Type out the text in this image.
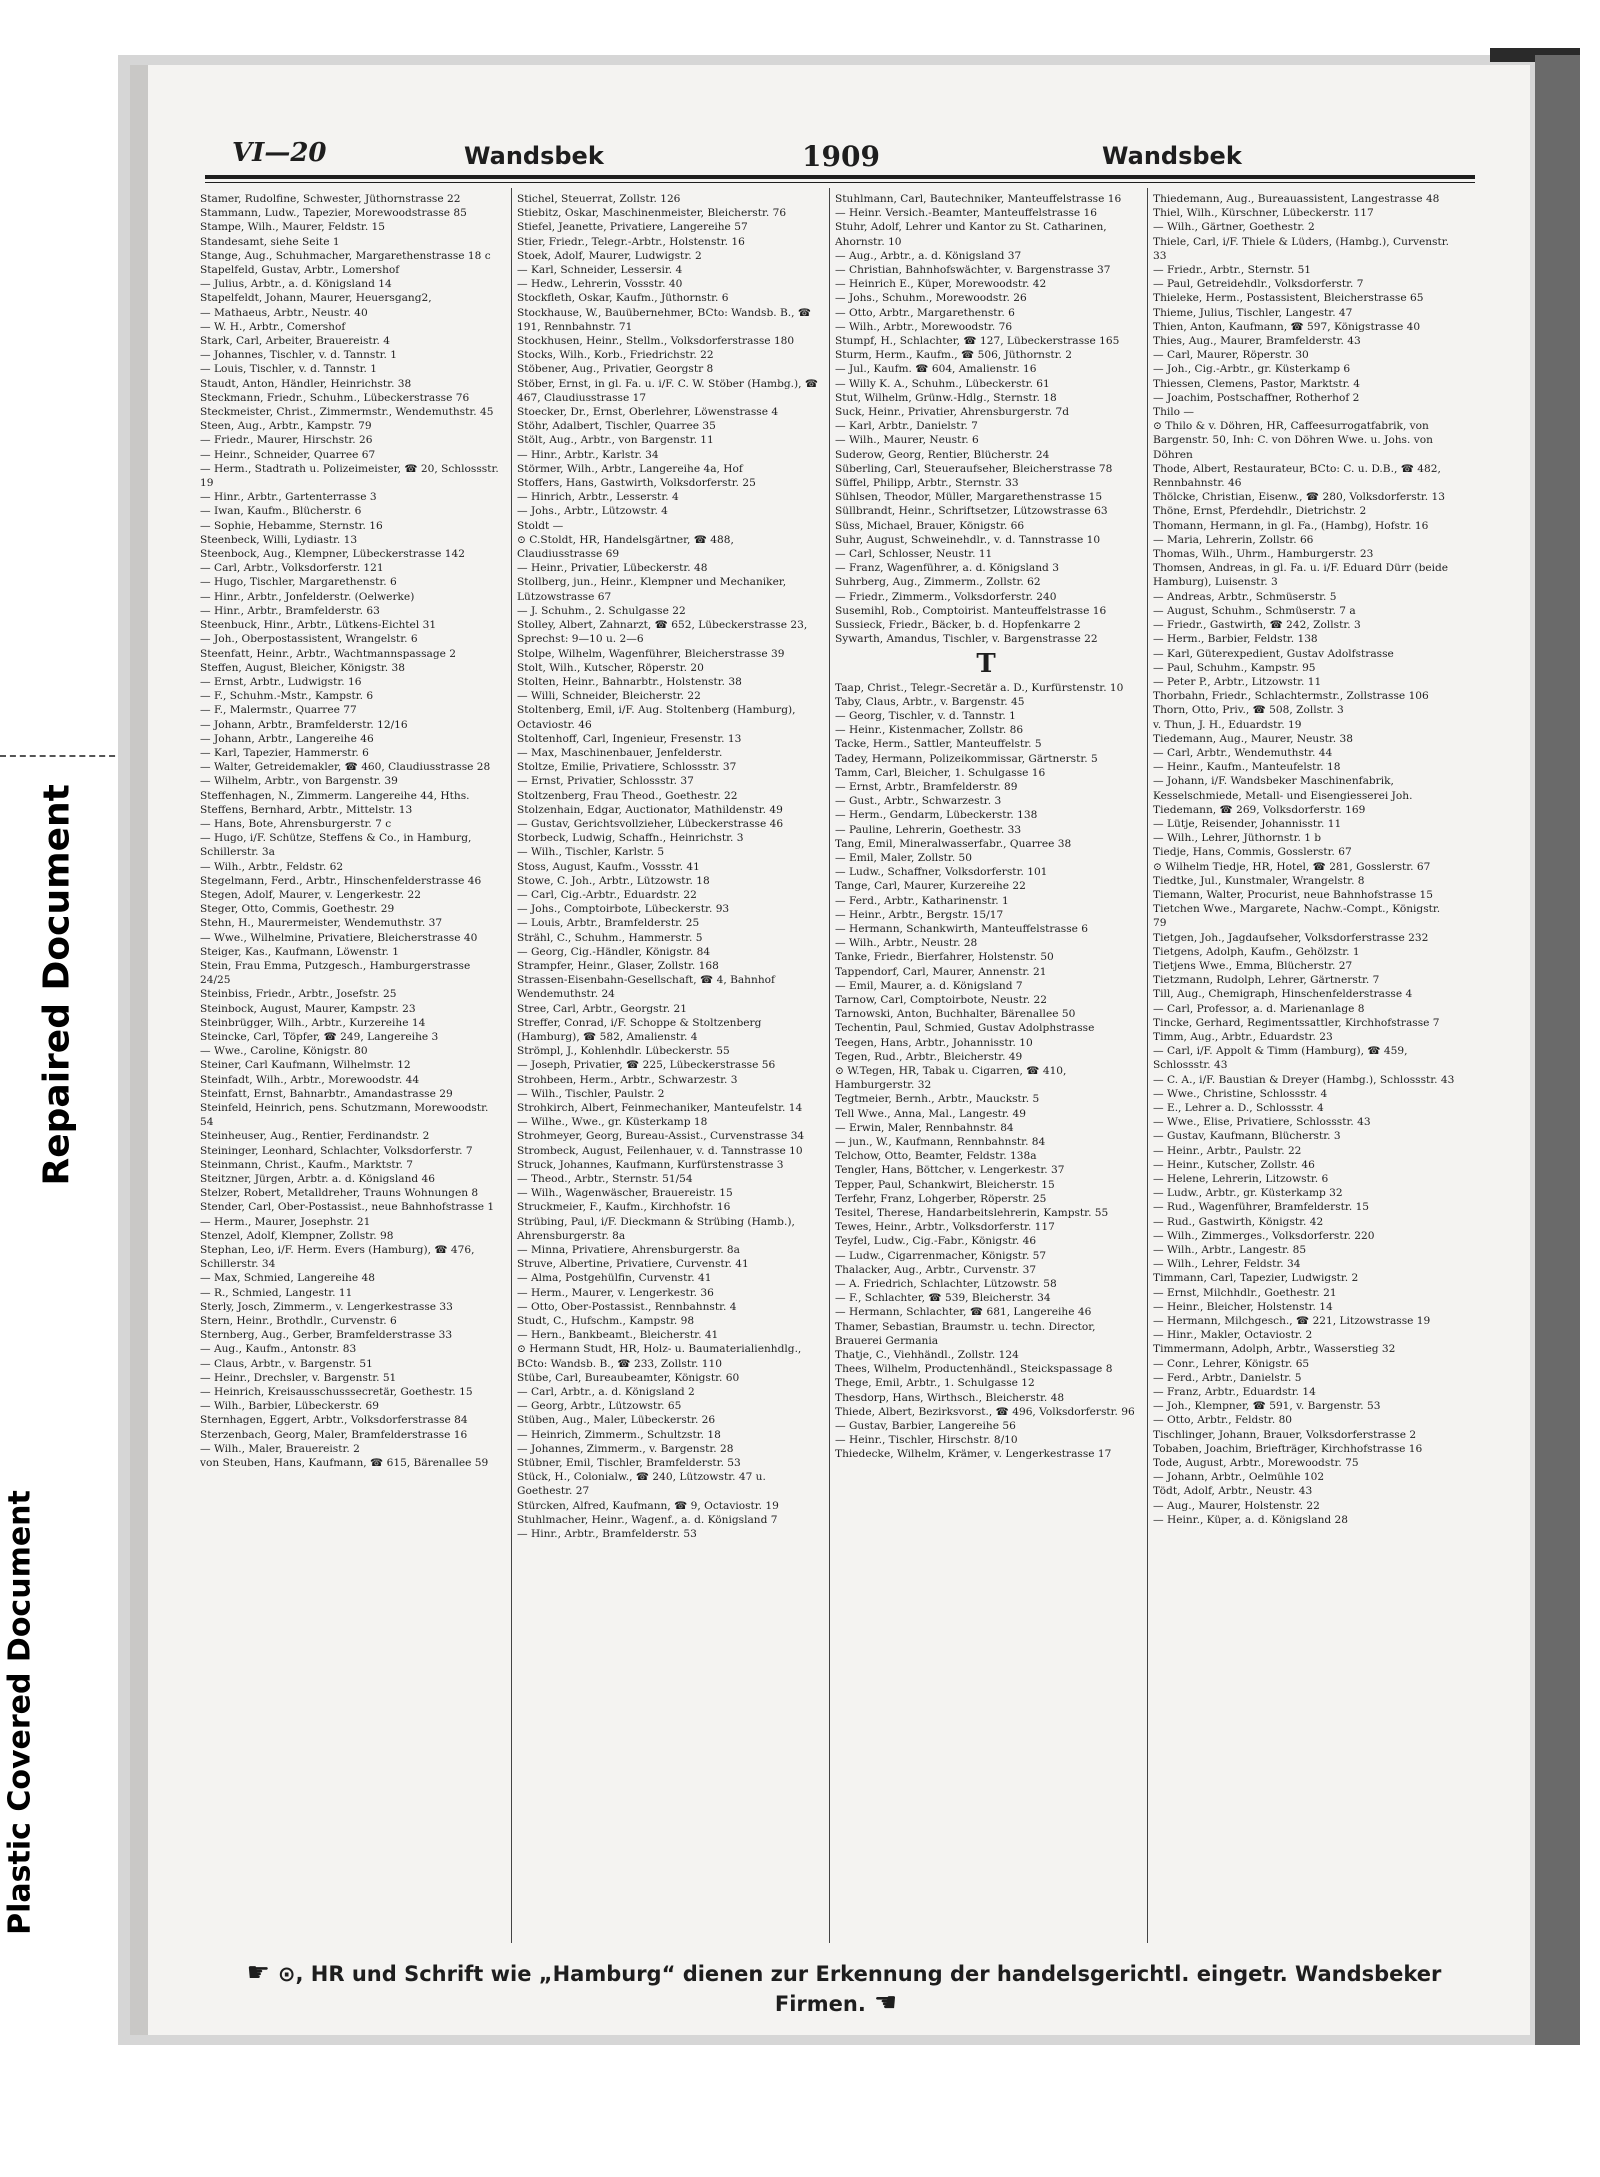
Repaired Document
Plastic Covered Document
VI—20	Wandsbek	1909	Wandsbek

Stamer, Rudolfine, Schwester, Jüthornstrasse 22

Stammann, Ludw., Tapezier, Morewoodstrasse 85

Stampe, Wilh., Maurer, Feldstr. 15

Standesamt, siehe Seite 1

Stange, Aug., Schuhmacher, Margarethenstrasse 18 c

Stapelfeld, Gustav, Arbtr., Lomershof

— Julius, Arbtr., a. d. Königsland 14

Stapelfeldt, Johann, Maurer, Heuersgang2,

— Mathaeus, Arbtr., Neustr. 40

— W. H., Arbtr., Comershof

Stark, Carl, Arbeiter, Brauereistr. 4

— Johannes, Tischler, v. d. Tannstr. 1

— Louis, Tischler, v. d. Tannstr. 1

Staudt, Anton, Händler, Heinrichstr. 38

Steckmann, Friedr., Schuhm., Lübeckerstrasse 76

Steckmeister, Christ., Zimmermstr., Wendemuthstr. 45

Steen, Aug., Arbtr., Kampstr. 79

— Friedr., Maurer, Hirschstr. 26

— Heinr., Schneider, Quarree 67

— Herm., Stadtrath u. Polizeimeister, ☎ 20, Schlossstr. 19

— Hinr., Arbtr., Gartenterrasse 3

— Iwan, Kaufm., Blücherstr. 6

— Sophie, Hebamme, Sternstr. 16

Steenbeck, Willi, Lydiastr. 13

Steenbock, Aug., Klempner, Lübeckerstrasse 142

— Carl, Arbtr., Volksdorferstr. 121

— Hugo, Tischler, Margarethenstr. 6

— Hinr., Arbtr., Jonfelderstr. (Oelwerke)

— Hinr., Arbtr., Bramfelderstr. 63

Steenbuck, Hinr., Arbtr., Lütkens-Eichtel 31

— Joh., Oberpostassistent, Wrangelstr. 6

Steenfatt, Heinr., Arbtr., Wachtmannspassage 2

Steffen, August, Bleicher, Königstr. 38

— Ernst, Arbtr., Ludwigstr. 16

— F., Schuhm.-Mstr., Kampstr. 6

— F., Malermstr., Quarree 77

— Johann, Arbtr., Bramfelderstr. 12/16

— Johann, Arbtr., Langereihe 46

— Karl, Tapezier, Hammerstr. 6

— Walter, Getreidemakler, ☎ 460, Claudiusstrasse 28

— Wilhelm, Arbtr., von Bargenstr. 39

Steffenhagen, N., Zimmerm. Langereihe 44, Hths.

Steffens, Bernhard, Arbtr., Mittelstr. 13

— Hans, Bote, Ahrensburgerstr. 7 c

— Hugo, i/F. Schütze, Steffens & Co., in Hamburg, Schillerstr. 3a

— Wilh., Arbtr., Feldstr. 62

Stegelmann, Ferd., Arbtr., Hinschenfelderstrasse 46

Stegen, Adolf, Maurer, v. Lengerkestr. 22

Steger, Otto, Commis, Goethestr. 29

Stehn, H., Maurermeister, Wendemuthstr. 37

— Wwe., Wilhelmine, Privatiere, Bleicherstrasse 40

Steiger, Kas., Kaufmann, Löwenstr. 1

Stein, Frau Emma, Putzgesch., Hamburgerstrasse 24/25

Steinbiss, Friedr., Arbtr., Josefstr. 25

Steinbock, August, Maurer, Kampstr. 23

Steinbrügger, Wilh., Arbtr., Kurzereihe 14

Steincke, Carl, Töpfer, ☎ 249, Langereihe 3

— Wwe., Caroline, Königstr. 80

Steiner, Carl Kaufmann, Wilhelmstr. 12

Steinfadt, Wilh., Arbtr., Morewoodstr. 44

Steinfatt, Ernst, Bahnarbtr., Amandastrasse 29

Steinfeld, Heinrich, pens. Schutzmann, Morewoodstr. 54

Steinheuser, Aug., Rentier, Ferdinandstr. 2

Steininger, Leonhard, Schlachter, Volksdorferstr. 7

Steinmann, Christ., Kaufm., Marktstr. 7

Steitzner, Jürgen, Arbtr. a. d. Königsland 46

Stelzer, Robert, Metalldreher, Trauns Wohnungen 8

Stender, Carl, Ober-Postassist., neue Bahnhofstrasse 1

— Herm., Maurer, Josephstr. 21

Stenzel, Adolf, Klempner, Zollstr. 98

Stephan, Leo, i/F. Herm. Evers (Hamburg), ☎ 476, Schillerstr. 34

— Max, Schmied, Langereihe 48

— R., Schmied, Langestr. 11

Sterly, Josch, Zimmerm., v. Lengerkestrasse 33

Stern, Heinr., Brothdlr., Curvenstr. 6

Sternberg, Aug., Gerber, Bramfelderstrasse 33

— Aug., Kaufm., Antonstr. 83

— Claus, Arbtr., v. Bargenstr. 51

— Heinr., Drechsler, v. Bargenstr. 51

— Heinrich, Kreisausschusssecretär, Goethestr. 15

— Wilh., Barbier, Lübeckerstr. 69

Sternhagen, Eggert, Arbtr., Volksdorferstrasse 84

Sterzenbach, Georg, Maler, Bramfelderstrasse 16

— Wilh., Maler, Brauereistr. 2

von Steuben, Hans, Kaufmann, ☎ 615, Bärenallee 59

Stichel, Steuerrat, Zollstr. 126

Stiebitz, Oskar, Maschinenmeister, Bleicherstr. 76

Stiefel, Jeanette, Privatiere, Langereihe 57

Stier, Friedr., Telegr.-Arbtr., Holstenstr. 16

Stoek, Adolf, Maurer, Ludwigstr. 2

— Karl, Schneider, Lessersir. 4

— Hedw., Lehrerin, Vossstr. 40

Stockfleth, Oskar, Kaufm., Jüthornstr. 6

Stockhause, W., Bauübernehmer, BCto: Wandsb. B., ☎ 191, Rennbahnstr. 71

Stockhusen, Heinr., Stellm., Volksdorferstrasse 180

Stocks, Wilh., Korb., Friedrichstr. 22

Stöbener, Aug., Privatier, Georgstr 8

Stöber, Ernst, in gl. Fa. u. i/F. C. W. Stöber (Hambg.), ☎ 467, Claudiusstrasse 17

Stoecker, Dr., Ernst, Oberlehrer, Löwenstrasse 4

Stöhr, Adalbert, Tischler, Quarree 35

Stölt, Aug., Arbtr., von Bargenstr. 11

— Hinr., Arbtr., Karlstr. 34

Störmer, Wilh., Arbtr., Langereihe 4a, Hof

Stoffers, Hans, Gastwirth, Volksdorferstr. 25

— Hinrich, Arbtr., Lesserstr. 4

— Johs., Arbtr., Lützowstr. 4

Stoldt —

⊙ C.Stoldt, HR, Handelsgärtner, ☎ 488, Claudiusstrasse 69

— Heinr., Privatier, Lübeckerstr. 48

Stollberg, jun., Heinr., Klempner und Mechaniker, Lützowstrasse 67

— J. Schuhm., 2. Schulgasse 22

Stolley, Albert, Zahnarzt, ☎ 652, Lübeckerstrasse 23, Sprechst: 9—10 u. 2—6

Stolpe, Wilhelm, Wagenführer, Bleicherstrasse 39

Stolt, Wilh., Kutscher, Röperstr. 20

Stolten, Heinr., Bahnarbtr., Holstenstr. 38

— Willi, Schneider, Bleicherstr. 22

Stoltenberg, Emil, i/F. Aug. Stoltenberg (Hamburg), Octaviostr. 46

Stoltenhoff, Carl, Ingenieur, Fresenstr. 13

— Max, Maschinenbauer, Jenfelderstr.

Stoltze, Emilie, Privatiere, Schlossstr. 37

— Ernst, Privatier, Schlossstr. 37

Stoltzenberg, Frau Theod., Goethestr. 22

Stolzenhain, Edgar, Auctionator, Mathildenstr. 49

— Gustav, Gerichtsvollzieher, Lübeckerstrasse 46

Storbeck, Ludwig, Schaffn., Heinrichstr. 3

— Wilh., Tischler, Karlstr. 5

Stoss, August, Kaufm., Vossstr. 41

Stowe, C. Joh., Arbtr., Lützowstr. 18

— Carl, Cig.-Arbtr., Eduardstr. 22

— Johs., Comptoirbote, Lübeckerstr. 93

— Louis, Arbtr., Bramfelderstr. 25

Strähl, C., Schuhm., Hammerstr. 5

— Georg, Cig.-Händler, Königstr. 84

Strampfer, Heinr., Glaser, Zollstr. 168

Strassen-Eisenbahn-Gesellschaft, ☎ 4, Bahnhof Wendemuthstr. 24

Stree, Carl, Arbtr., Georgstr. 21

Streffer, Conrad, i/F. Schoppe & Stoltzenberg (Hamburg), ☎ 582, Amalienstr. 4

Strömpl, J., Kohlenhdlr. Lübeckerstr. 55

— Joseph, Privatier, ☎ 225, Lübeckerstrasse 56

Strohbeen, Herm., Arbtr., Schwarzestr. 3

— Wilh., Tischler, Paulstr. 2

Strohkirch, Albert, Feinmechaniker, Manteufelstr. 14

— Wilhe., Wwe., gr. Küsterkamp 18

Strohmeyer, Georg, Bureau-Assist., Curvenstrasse 34

Strombeck, August, Feilenhauer, v. d. Tannstrasse 10

Struck, Johannes, Kaufmann, Kurfürstenstrasse 3

— Theod., Arbtr., Sternstr. 51/54

— Wilh., Wagenwäscher, Brauereistr. 15

Struckmeier, F., Kaufm., Kirchhofstr. 16

Strübing, Paul, i/F. Dieckmann & Strübing (Hamb.), Ahrensburgerstr. 8a

— Minna, Privatiere, Ahrensburgerstr. 8a

Struve, Albertine, Privatiere, Curvenstr. 41

— Alma, Postgehülfin, Curvenstr. 41

— Herm., Maurer, v. Lengerkestr. 36

— Otto, Ober-Postassist., Rennbahnstr. 4

Studt, C., Hufschm., Kampstr. 98

— Hern., Bankbeamt., Bleicherstr. 41

⊙ Hermann Studt, HR, Holz- u. Baumaterialienhdlg., BCto: Wandsb. B., ☎ 233, Zollstr. 110

Stübe, Carl, Bureaubeamter, Königstr. 60

— Carl, Arbtr., a. d. Königsland 2

— Georg, Arbtr., Lützowstr. 65

Stüben, Aug., Maler, Lübeckerstr. 26

— Heinrich, Zimmerm., Schultzstr. 18

— Johannes, Zimmerm., v. Bargenstr. 28

Stübner, Emil, Tischler, Bramfelderstr. 53

Stück, H., Colonialw., ☎ 240, Lützowstr. 47 u. Goethestr. 27

Stürcken, Alfred, Kaufmann, ☎ 9, Octaviostr. 19

Stuhlmacher, Heinr., Wagenf., a. d. Königsland 7

— Hinr., Arbtr., Bramfelderstr. 53

Stuhlmann, Carl, Bautechniker, Manteuffelstrasse 16

— Heinr. Versich.-Beamter, Manteuffelstrasse 16

Stuhr, Adolf, Lehrer und Kantor zu St. Catharinen, Ahornstr. 10

— Aug., Arbtr., a. d. Königsland 37

— Christian, Bahnhofswächter, v. Bargenstrasse 37

— Heinrich E., Küper, Morewoodstr. 42

— Johs., Schuhm., Morewoodstr. 26

— Otto, Arbtr., Margarethenstr. 6

— Wilh., Arbtr., Morewoodstr. 76

Stumpf, H., Schlachter, ☎ 127, Lübeckerstrasse 165

Sturm, Herm., Kaufm., ☎ 506, Jüthornstr. 2

— Jul., Kaufm. ☎ 604, Amalienstr. 16

— Willy K. A., Schuhm., Lübeckerstr. 61

Stut, Wilhelm, Grünw.-Hdlg., Sternstr. 18

Suck, Heinr., Privatier, Ahrensburgerstr. 7d

— Karl, Arbtr., Danielstr. 7

— Wilh., Maurer, Neustr. 6

Suderow, Georg, Rentier, Blücherstr. 24

Süberling, Carl, Steueraufseher, Bleicherstrasse 78

Süffel, Philipp, Arbtr., Sternstr. 33

Sühlsen, Theodor, Müller, Margarethenstrasse 15

Süllbrandt, Heinr., Schriftsetzer, Lützowstrasse 63

Süss, Michael, Brauer, Königstr. 66

Suhr, August, Schweinehdlr., v. d. Tannstrasse 10

— Carl, Schlosser, Neustr. 11

— Franz, Wagenführer, a. d. Königsland 3

Suhrberg, Aug., Zimmerm., Zollstr. 62

— Friedr., Zimmerm., Volksdorferstr. 240

Susemihl, Rob., Comptoirist. Manteuffelstrasse 16

Sussieck, Friedr., Bäcker, b. d. Hopfenkarre 2

Sywarth, Amandus, Tischler, v. Bargenstrasse 22

T

Taap, Christ., Telegr.-Secretär a. D., Kurfürstenstr. 10

Taby, Claus, Arbtr., v. Bargenstr. 45

— Georg, Tischler, v. d. Tannstr. 1

— Heinr., Kistenmacher, Zollstr. 86

Tacke, Herm., Sattler, Manteuffelstr. 5

Tadey, Hermann, Polizeikommissar, Gärtnerstr. 5

Tamm, Carl, Bleicher, 1. Schulgasse 16

— Ernst, Arbtr., Bramfelderstr. 89

— Gust., Arbtr., Schwarzestr. 3

— Herm., Gendarm, Lübeckerstr. 138

— Pauline, Lehrerin, Goethestr. 33

Tang, Emil, Mineralwasserfabr., Quarree 38

— Emil, Maler, Zollstr. 50

— Ludw., Schaffner, Volksdorferstr. 101

Tange, Carl, Maurer, Kurzereihe 22

— Ferd., Arbtr., Katharinenstr. 1

— Heinr., Arbtr., Bergstr. 15/17

— Hermann, Schankwirth, Manteuffelstrasse 6

— Wilh., Arbtr., Neustr. 28

Tanke, Friedr., Bierfahrer, Holstenstr. 50

Tappendorf, Carl, Maurer, Annenstr. 21

— Emil, Maurer, a. d. Königsland 7

Tarnow, Carl, Comptoirbote, Neustr. 22

Tarnowski, Anton, Buchhalter, Bärenallee 50

Techentin, Paul, Schmied, Gustav Adolphstrasse

Teegen, Hans, Arbtr., Johannisstr. 10

Tegen, Rud., Arbtr., Bleicherstr. 49

⊙ W.Tegen, HR, Tabak u. Cigarren, ☎ 410, Hamburgerstr. 32

Tegtmeier, Bernh., Arbtr., Mauckstr. 5

Tell Wwe., Anna, Mal., Langestr. 49

— Erwin, Maler, Rennbahnstr. 84

— jun., W., Kaufmann, Rennbahnstr. 84

Telchow, Otto, Beamter, Feldstr. 138a

Tengler, Hans, Böttcher, v. Lengerkestr. 37

Tepper, Paul, Schankwirt, Bleicherstr. 15

Terfehr, Franz, Lohgerber, Röperstr. 25

Tesitel, Therese, Handarbeitslehrerin, Kampstr. 55

Tewes, Heinr., Arbtr., Volksdorferstr. 117

Teyfel, Ludw., Cig.-Fabr., Königstr. 46

— Ludw., Cigarrenmacher, Königstr. 57

Thalacker, Aug., Arbtr., Curvenstr. 37

— A. Friedrich, Schlachter, Lützowstr. 58

— F., Schlachter, ☎ 539, Bleicherstr. 34

— Hermann, Schlachter, ☎ 681, Langereihe 46

Thamer, Sebastian, Braumstr. u. techn. Director, Brauerei Germania

Thatje, C., Viehhändl., Zollstr. 124

Thees, Wilhelm, Productenhändl., Steickspassage 8

Thege, Emil, Arbtr., 1. Schulgasse 12

Thesdorp, Hans, Wirthsch., Bleicherstr. 48

Thiede, Albert, Bezirksvorst., ☎ 496, Volksdorferstr. 96

— Gustav, Barbier, Langereihe 56

— Heinr., Tischler, Hirschstr. 8/10

Thiedecke, Wilhelm, Krämer, v. Lengerkestrasse 17

Thiedemann, Aug., Bureauassistent, Langestrasse 48

Thiel, Wilh., Kürschner, Lübeckerstr. 117

— Wilh., Gärtner, Goethestr. 2

Thiele, Carl, i/F. Thiele & Lüders, (Hambg.), Curvenstr. 33

— Friedr., Arbtr., Sternstr. 51

— Paul, Getreidehdlr., Volksdorferstr. 7

Thieleke, Herm., Postassistent, Bleicherstrasse 65

Thieme, Julius, Tischler, Langestr. 47

Thien, Anton, Kaufmann, ☎ 597, Königstrasse 40

Thies, Aug., Maurer, Bramfelderstr. 43

— Carl, Maurer, Röperstr. 30

— Joh., Cig.-Arbtr., gr. Küsterkamp 6

Thiessen, Clemens, Pastor, Marktstr. 4

— Joachim, Postschaffner, Rotherhof 2

Thilo —

⊙ Thilo & v. Döhren, HR, Caffeesurrogatfabrik, von Bargenstr. 50, Inh: C. von Döhren Wwe. u. Johs. von Döhren

Thode, Albert, Restaurateur, BCto: C. u. D.B., ☎ 482, Rennbahnstr. 46

Thölcke, Christian, Eisenw., ☎ 280, Volksdorferstr. 13

Thöne, Ernst, Pferdehdlr., Dietrichstr. 2

Thomann, Hermann, in gl. Fa., (Hambg), Hofstr. 16

— Maria, Lehrerin, Zollstr. 66

Thomas, Wilh., Uhrm., Hamburgerstr. 23

Thomsen, Andreas, in gl. Fa. u. i/F. Eduard Dürr (beide Hamburg), Luisenstr. 3

— Andreas, Arbtr., Schmüserstr. 5

— August, Schuhm., Schmüserstr. 7 a

— Friedr., Gastwirth, ☎ 242, Zollstr. 3

— Herm., Barbier, Feldstr. 138

— Karl, Güterexpedient, Gustav Adolfstrasse

— Paul, Schuhm., Kampstr. 95

— Peter P., Arbtr., Litzowstr. 11

Thorbahn, Friedr., Schlachtermstr., Zollstrasse 106

Thorn, Otto, Priv., ☎ 508, Zollstr. 3

v. Thun, J. H., Eduardstr. 19

Tiedemann, Aug., Maurer, Neustr. 38

— Carl, Arbtr., Wendemuthstr. 44

— Heinr., Kaufm., Manteufelstr. 18

— Johann, i/F. Wandsbeker Maschinenfabrik, Kesselschmiede, Metall- und Eisengiesserei Joh. Tiedemann, ☎ 269, Volksdorferstr. 169

— Lütje, Reisender, Johannisstr. 11

— Wilh., Lehrer, Jüthornstr. 1 b

Tiedje, Hans, Commis, Gosslerstr. 67

⊙ Wilhelm Tiedje, HR, Hotel, ☎ 281, Gosslerstr. 67

Tiedtke, Jul., Kunstmaler, Wrangelstr. 8

Tiemann, Walter, Procurist, neue Bahnhofstrasse 15

Tietchen Wwe., Margarete, Nachw.-Compt., Königstr. 79

Tietgen, Joh., Jagdaufseher, Volksdorferstrasse 232

Tietgens, Adolph, Kaufm., Gehölzstr. 1

Tietjens Wwe., Emma, Blücherstr. 27

Tietzmann, Rudolph, Lehrer, Gärtnerstr. 7

Till, Aug., Chemigraph, Hinschenfelderstrasse 4

— Carl, Professor, a. d. Marienanlage 8

Tincke, Gerhard, Regimentssattler, Kirchhofstrasse 7

Timm, Aug., Arbtr., Eduardstr. 23

— Carl, i/F. Appolt & Timm (Hamburg), ☎ 459, Schlossstr. 43

— C. A., i/F. Baustian & Dreyer (Hambg.), Schlossstr. 43

— Wwe., Christine, Schlossstr. 4

— E., Lehrer a. D., Schlossstr. 4

— Wwe., Elise, Privatiere, Schlossstr. 43

— Gustav, Kaufmann, Blücherstr. 3

— Heinr., Arbtr., Paulstr. 22

— Heinr., Kutscher, Zollstr. 46

— Helene, Lehrerin, Litzowstr. 6

— Ludw., Arbtr., gr. Küsterkamp 32

— Rud., Wagenführer, Bramfelderstr. 15

— Rud., Gastwirth, Königstr. 42

— Wilh., Zimmerges., Volksdorferstr. 220

— Wilh., Arbtr., Langestr. 85

— Wilh., Lehrer, Feldstr. 34

Timmann, Carl, Tapezier, Ludwigstr. 2

— Ernst, Milchhdlr., Goethestr. 21

— Heinr., Bleicher, Holstenstr. 14

— Hermann, Milchgesch., ☎ 221, Litzowstrasse 19

— Hinr., Makler, Octaviostr. 2

Timmermann, Adolph, Arbtr., Wasserstieg 32

— Conr., Lehrer, Königstr. 65

— Ferd., Arbtr., Danielstr. 5

— Franz, Arbtr., Eduardstr. 14

— Joh., Klempner, ☎ 591, v. Bargenstr. 53

— Otto, Arbtr., Feldstr. 80

Tischlinger, Johann, Brauer, Volksdorferstrasse 2

Tobaben, Joachim, Briefträger, Kirchhofstrasse 16

Tode, August, Arbtr., Morewoodstr. 75

— Johann, Arbtr., Oelmühle 102

Tödt, Adolf, Arbtr., Neustr. 43

— Aug., Maurer, Holstenstr. 22

— Heinr., Küper, a. d. Königsland 28

☛ ⊙, HR und Schrift wie „Hamburg“ dienen zur Erkennung der handelsgerichtl. eingetr. Wandsbeker Firmen. ☚
